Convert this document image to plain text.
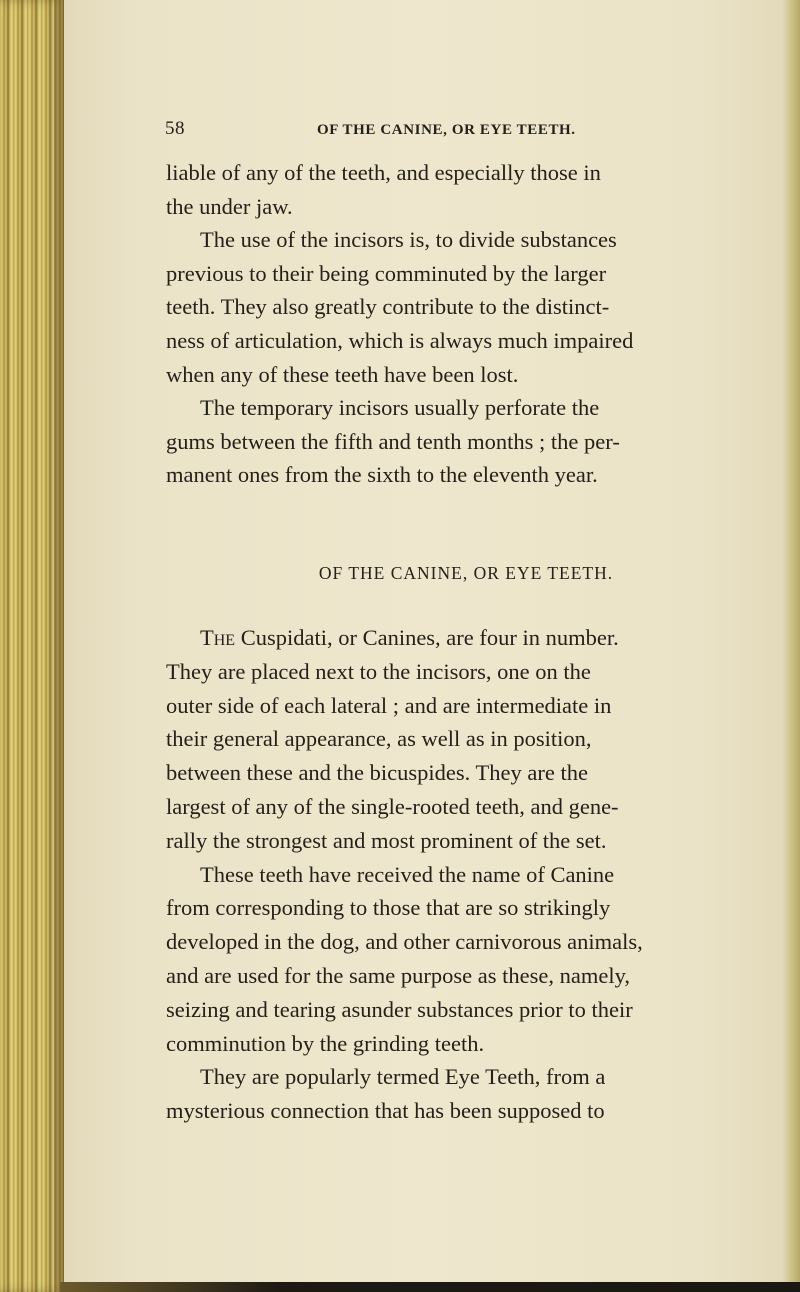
58	OF THE CANINE, OR EYE TEETH.
liable of any of the teeth, and especially those in
the under jaw.
The use of the incisors is, to divide substances
previous to their being comminuted by the larger
teeth. They also greatly contribute to the distinct-
ness of articulation, which is always much impaired
when any of these teeth have been lost.
The temporary incisors usually perforate the
gums between the fifth and tenth months ; the per-
manent ones from the sixth to the eleventh year.
OF THE CANINE, OR EYE TEETH.
The Cuspidati, or Canines, are four in number.
They are placed next to the incisors, one on the
outer side of each lateral ; and are intermediate in
their general appearance, as well as in position,
between these and the bicuspides. They are the
largest of any of the single-rooted teeth, and gene-
rally the strongest and most prominent of the set.
These teeth have received the name of Canine
from corresponding to those that are so strikingly
developed in the dog, and other carnivorous animals,
and are used for the same purpose as these, namely,
seizing and tearing asunder substances prior to their
comminution by the grinding teeth.
They are popularly termed Eye Teeth, from a
mysterious connection that has been supposed to
